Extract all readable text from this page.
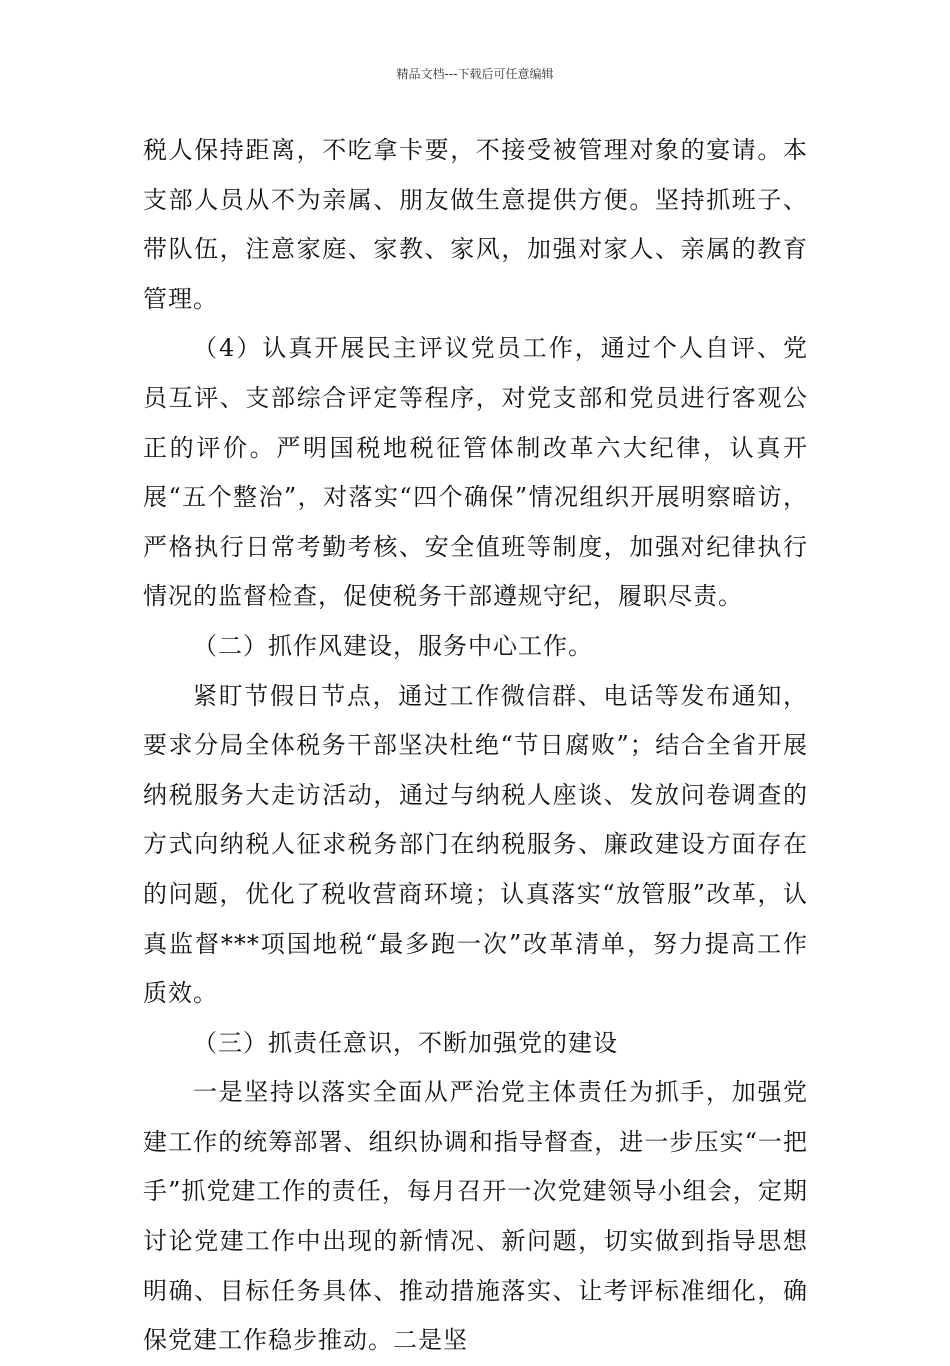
精品文档---下载后可任意编辑

税人保持距离，不吃拿卡要，不接受被管理对象的宴请。本支部人员从不为亲属、朋友做生意提供方便。坚持抓班子、带队伍，注意家庭、家教、家风，加强对家人、亲属的教育管理。

（4）认真开展民主评议党员工作，通过个人自评、党员互评、支部综合评定等程序，对党支部和党员进行客观公正的评价。严明国税地税征管体制改革六大纪律，认真开展“五个整治”，对落实“四个确保”情况组织开展明察暗访，严格执行日常考勤考核、安全值班等制度，加强对纪律执行情况的监督检查，促使税务干部遵规守纪，履职尽责。

（二）抓作风建设，服务中心工作。

紧盯节假日节点，通过工作微信群、电话等发布通知，要求分局全体税务干部坚决杜绝“节日腐败”；结合全省开展纳税服务大走访活动，通过与纳税人座谈、发放问卷调查的方式向纳税人征求税务部门在纳税服务、廉政建设方面存在的问题，优化了税收营商环境；认真落实“放管服”改革，认真监督***项国地税“最多跑一次”改革清单，努力提高工作质效。

（三）抓责任意识，不断加强党的建设

一是坚持以落实全面从严治党主体责任为抓手，加强党建工作的统筹部署、组织协调和指导督查，进一步压实“一把手”抓党建工作的责任，每月召开一次党建领导小组会，定期讨论党建工作中出现的新情况、新问题，切实做到指导思想明确、目标任务具体、推动措施落实、让考评标准细化，确保党建工作稳步推动。二是坚
